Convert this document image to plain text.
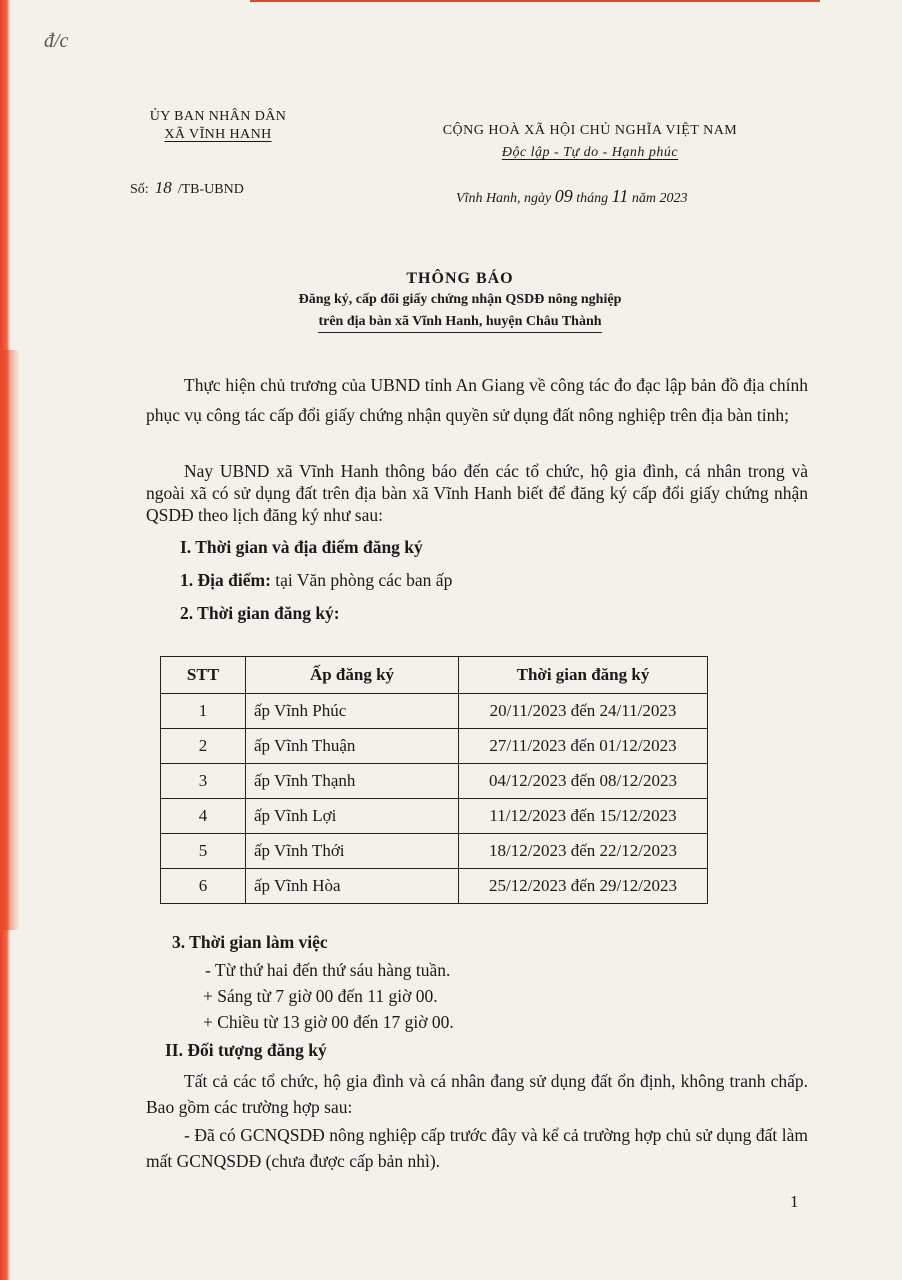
đ/c
ỦY BAN NHÂN DÂN
XÃ VĨNH HANH
Số: 18 /TB-UBND
CỘNG HOÀ XÃ HỘI CHỦ NGHĨA VIỆT NAM
Độc lập - Tự do - Hạnh phúc
Vĩnh Hanh, ngày 09 tháng 11 năm 2023
THÔNG BÁO
Đăng ký, cấp đổi giấy chứng nhận QSDĐ nông nghiệp
trên địa bàn xã Vĩnh Hanh, huyện Châu Thành
Thực hiện chủ trương của UBND tỉnh An Giang về công tác đo đạc lập bản đồ địa chính phục vụ công tác cấp đổi giấy chứng nhận quyền sử dụng đất nông nghiệp trên địa bàn tỉnh;
Nay UBND xã Vĩnh Hanh thông báo đến các tổ chức, hộ gia đình, cá nhân trong và ngoài xã có sử dụng đất trên địa bàn xã Vĩnh Hanh biết để đăng ký cấp đổi giấy chứng nhận QSDĐ theo lịch đăng ký như sau:
I. Thời gian và địa điểm đăng ký
1. Địa điểm: tại Văn phòng các ban ấp
2. Thời gian đăng ký:
STT	Ấp đăng ký	Thời gian đăng ký
1	ấp Vĩnh Phúc	20/11/2023 đến 24/11/2023
2	ấp Vĩnh Thuận	27/11/2023 đến 01/12/2023
3	ấp Vĩnh Thạnh	04/12/2023 đến 08/12/2023
4	ấp Vĩnh Lợi	11/12/2023 đến 15/12/2023
5	ấp Vĩnh Thới	18/12/2023 đến 22/12/2023
6	ấp Vĩnh Hòa	25/12/2023 đến 29/12/2023
3. Thời gian làm việc
- Từ thứ hai đến thứ sáu hàng tuần.
+ Sáng từ 7 giờ 00 đến 11 giờ 00.
+ Chiều từ 13 giờ 00 đến 17 giờ 00.
II. Đối tượng đăng ký
Tất cả các tổ chức, hộ gia đình và cá nhân đang sử dụng đất ổn định, không tranh chấp. Bao gồm các trường hợp sau:
- Đã có GCNQSDĐ nông nghiệp cấp trước đây và kể cả trường hợp chủ sử dụng đất làm mất GCNQSDĐ (chưa được cấp bản nhì).
1
